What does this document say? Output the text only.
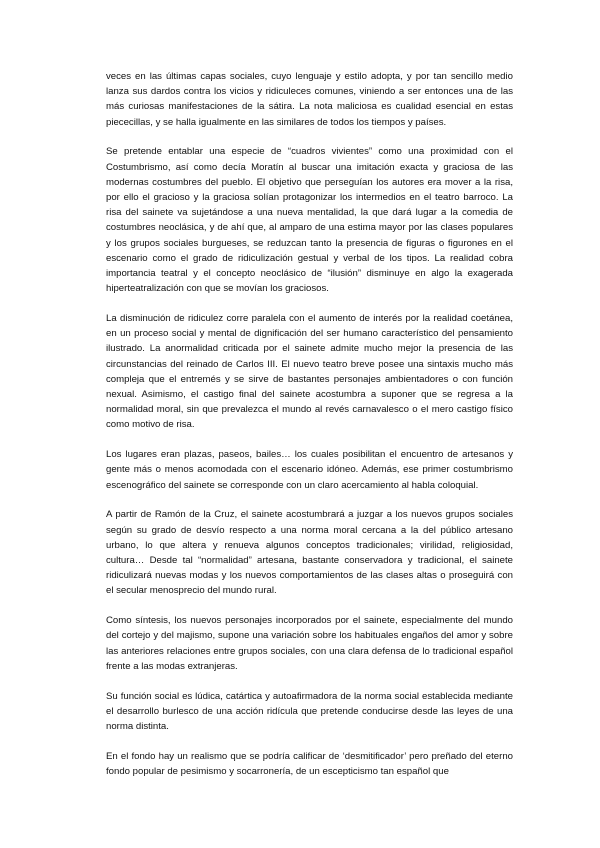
veces en las últimas capas sociales, cuyo lenguaje y estilo adopta, y por tan sencillo medio lanza sus dardos contra los vicios y ridiculeces comunes, viniendo a ser entonces una de las más curiosas manifestaciones de la sátira. La nota maliciosa es cualidad esencial en estas piececillas, y se halla igualmente en las similares de todos los tiempos y países.

Se pretende entablar una especie de “cuadros vivientes” como una proximidad con el Costumbrismo, así como decía Moratín al buscar una imitación exacta y graciosa de las modernas costumbres del pueblo. El objetivo que perseguían los autores era mover a la risa, por ello el gracioso y la graciosa solían protagonizar los intermedios en el teatro barroco. La risa del sainete va sujetándose a una nueva mentalidad, la que dará lugar a la comedia de costumbres neoclásica, y de ahí que, al amparo de una estima mayor por las clases populares y los grupos sociales burgueses, se reduzcan tanto la presencia de figuras o figurones en el escenario como el grado de ridiculización gestual y verbal de los tipos. La realidad cobra importancia teatral y el concepto neoclásico de “ilusión” disminuye en algo la exagerada hiperteatralización con que se movían los graciosos.

La disminución de ridiculez corre paralela con el aumento de interés por la realidad coetánea, en un proceso social y mental de dignificación del ser humano característico del pensamiento ilustrado. La anormalidad criticada por el sainete admite mucho mejor la presencia de las circunstancias del reinado de Carlos III. El nuevo teatro breve posee una sintaxis mucho más compleja que el entremés y se sirve de bastantes personajes ambientadores o con función nexual. Asimismo, el castigo final del sainete acostumbra a suponer que se regresa a la normalidad moral, sin que prevalezca el mundo al revés carnavalesco o el mero castigo físico como motivo de risa.

Los lugares eran plazas, paseos, bailes… los cuales posibilitan el encuentro de artesanos y gente más o menos acomodada con el escenario idóneo. Además, ese primer costumbrismo escenográfico del sainete se corresponde con un claro acercamiento al habla coloquial.

A partir de Ramón de la Cruz, el sainete acostumbrará a juzgar a los nuevos grupos sociales según su grado de desvío respecto a una norma moral cercana a la del público artesano urbano, lo que altera y renueva algunos conceptos tradicionales; virilidad, religiosidad, cultura… Desde tal “normalidad” artesana, bastante conservadora y tradicional, el sainete ridiculizará nuevas modas y los nuevos comportamientos de las clases altas o proseguirá con el secular menosprecio del mundo rural.

Como síntesis, los nuevos personajes incorporados por el sainete, especialmente del mundo del cortejo y del majismo, supone una variación sobre los habituales engaños del amor y sobre las anteriores relaciones entre grupos sociales, con una clara defensa de lo tradicional español frente a las modas extranjeras.

Su función social es lúdica, catártica y autoafirmadora de la norma social establecida mediante el desarrollo burlesco de una acción ridícula que pretende conducirse desde las leyes de una norma distinta.

En el fondo hay un realismo que se podría calificar de ‘desmitificador’ pero preñado del eterno fondo popular de pesimismo y socarronería, de un escepticismo tan español que
